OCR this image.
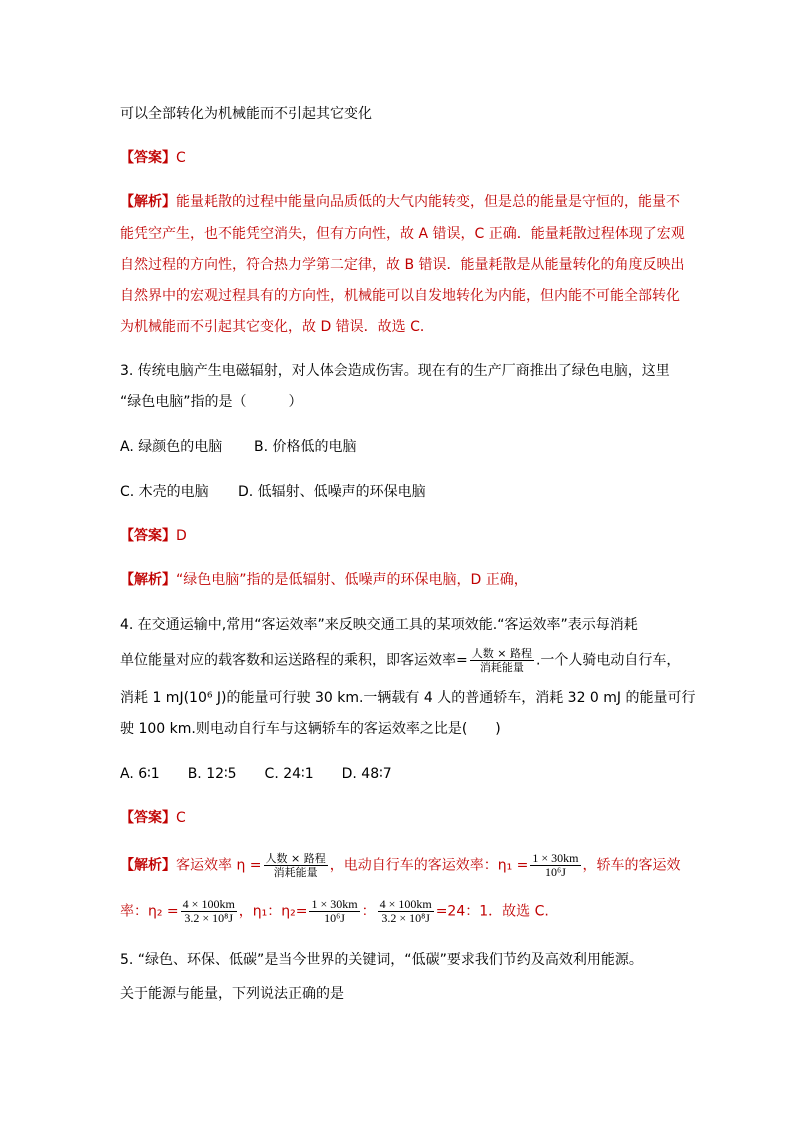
可以全部转化为机械能而不引起其它变化
【答案】C
【解析】能量耗散的过程中能量向品质低的大气内能转变，但是总的能量是守恒的，能量不
能凭空产生，也不能凭空消失，但有方向性，故 A 错误，C 正确．能量耗散过程体现了宏观
自然过程的方向性，符合热力学第二定律，故 B 错误．能量耗散是从能量转化的角度反映出
自然界中的宏观过程具有的方向性，机械能可以自发地转化为内能，但内能不可能全部转化
为机械能而不引起其它变化，故 D 错误．故选 C．
3. 传统电脑产生电磁辐射，对人体会造成伤害。现在有的生产厂商推出了绿色电脑，这里
“绿色电脑”指的是（　　　）
A. 绿颜色的电脑 B. 价格低的电脑
C. 木壳的电脑 D. 低辐射、低噪声的环保电脑
【答案】D
【解析】“绿色电脑”指的是低辐射、低噪声的环保电脑，D 正确，
4. 在交通运输中,常用“客运效率”来反映交通工具的某项效能.“客运效率”表示每消耗
单位能量对应的载客数和运送路程的乘积，即客运效率= $\frac{\text{人数 × 路程}}{\text{消耗能量}}$ .一个人骑电动自行车，
消耗 1 mJ(10⁶ J)的能量可行驶 30 km.一辆载有 4 人的普通轿车，消耗 32 0 mJ 的能量可行
驶 100 km.则电动自行车与这辆轿车的客运效率之比是(　　)
A. 6∶1　　B. 12∶5　　C. 24∶1　　D. 48∶7
【答案】C
【解析】客运效率 $\eta = \frac{\text{人数 × 路程}}{\text{消耗能量}}$ ，电动自行车的客运效率：$\eta_1 = \frac{1 \times 30km}{\text{10⁶J}}$ ，轿车的客运效
率：$\eta_2 = \frac{4 \times 100km}{\text{3.2 × 10⁸J}}$ ，η₁：$\eta_2= \frac{1 \times 30km}{\text{10⁶J}}$ ： $\frac{4 \times 100km}{\text{3.2 × 10⁸J}} =24$：1．故选 C.
5. “绿色、环保、低碳”是当今世界的关键词，“低碳”要求我们节约及高效利用能源。
关于能源与能量，下列说法正确的是
